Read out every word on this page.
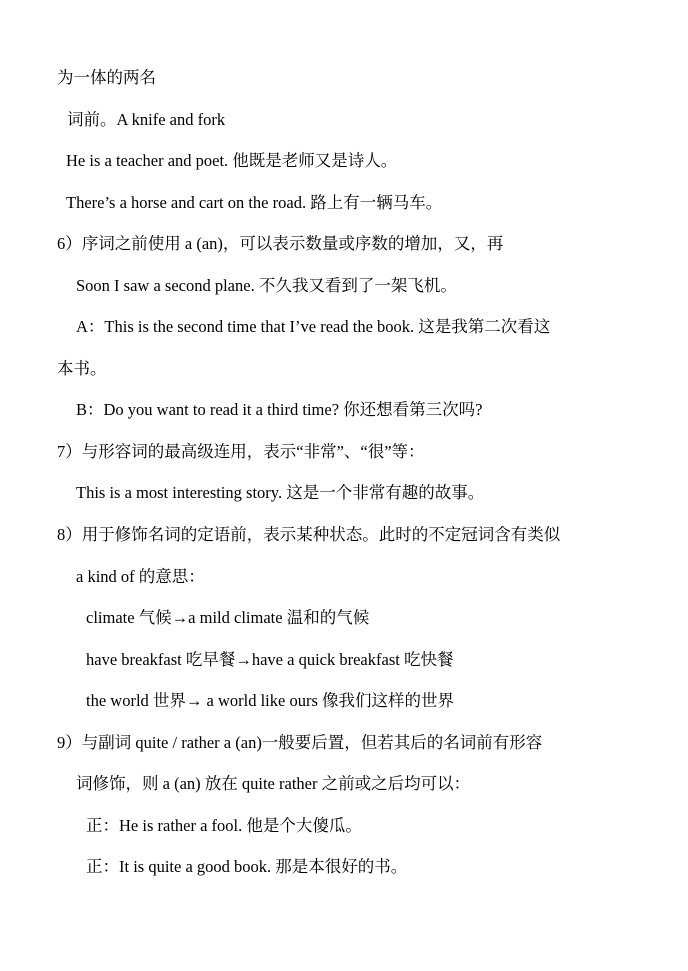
为一体的两名
词前。A knife and fork
He is a teacher and poet. 他既是老师又是诗人。
There’s a horse and cart on the road. 路上有一辆马车。
6）序词之前使用 a (an)，可以表示数量或序数的增加，又，再
Soon I saw a second plane. 不久我又看到了一架飞机。
A：This is the second time that I’ve read the book. 这是我第二次看这
本书。
B：Do you want to read it a third time? 你还想看第三次吗?
7）与形容词的最高级连用，表示“非常”、“很”等：
This is a most interesting story. 这是一个非常有趣的故事。
8）用于修饰名词的定语前，表示某种状态。此时的不定冠词含有类似
a kind of 的意思：
climate 气候→a mild climate 温和的气候
have breakfast 吃早餐→have a quick breakfast 吃快餐
the world 世界→ a world like ours 像我们这样的世界
9）与副词 quite / rather a (an)一般要后置，但若其后的名词前有形容
词修饰，则 a (an) 放在 quite rather 之前或之后均可以：
正：He is rather a fool. 他是个大傻瓜。
正：It is quite a good book. 那是本很好的书。
